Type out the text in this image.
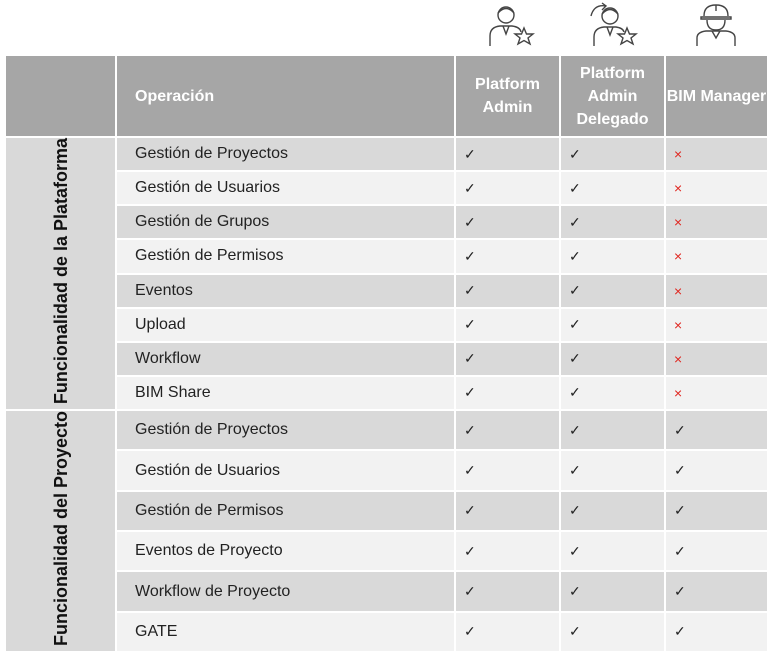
	Operación	Platform Admin	Platform Admin Delegado	BIM Manager
Funcionalidad de la Plataforma	Gestión de Proyectos	✓	✓	×
	Gestión de Usuarios	✓	✓	×
	Gestión de Grupos	✓	✓	×
	Gestión de Permisos	✓	✓	×
	Eventos	✓	✓	×
	Upload	✓	✓	×
	Workflow	✓	✓	×
	BIM Share	✓	✓	×
Funcionalidad del Proyecto	Gestión de Proyectos	✓	✓	✓
	Gestión de Usuarios	✓	✓	✓
	Gestión de Permisos	✓	✓	✓
	Eventos de Proyecto	✓	✓	✓
	Workflow de Proyecto	✓	✓	✓
	GATE	✓	✓	✓
